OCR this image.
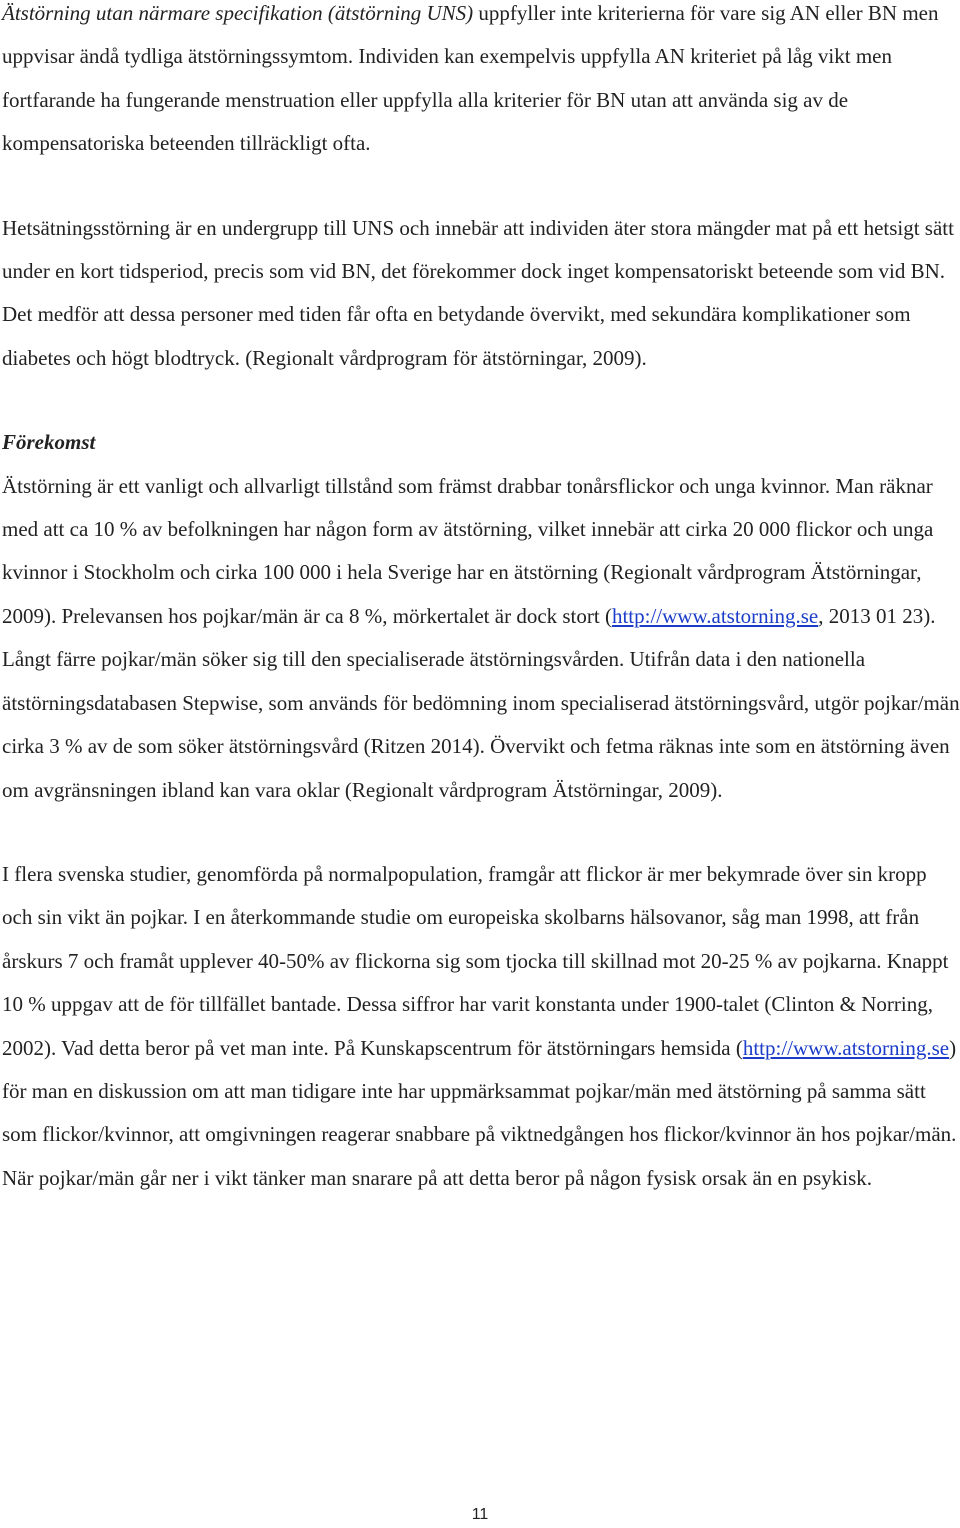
Ätstörning utan närmare specifikation (ätstörning UNS) uppfyller inte kriterierna för vare sig AN eller BN men uppvisar ändå tydliga ätstörningssymtom. Individen kan exempelvis uppfylla AN kriteriet på låg vikt men fortfarande ha fungerande menstruation eller uppfylla alla kriterier för BN utan att använda sig av de kompensatoriska beteenden tillräckligt ofta.

Hetsätningsstörning är en undergrupp till UNS och innebär att individen äter stora mängder mat på ett hetsigt sätt under en kort tidsperiod, precis som vid BN, det förekommer dock inget kompensatoriskt beteende som vid BN. Det medför att dessa personer med tiden får ofta en betydande övervikt, med sekundära komplikationer som diabetes och högt blodtryck. (Regionalt vårdprogram för ätstörningar, 2009).

Förekomst

Ätstörning är ett vanligt och allvarligt tillstånd som främst drabbar tonårsflickor och unga kvinnor. Man räknar med att ca 10 % av befolkningen har någon form av ätstörning, vilket innebär att cirka 20 000 flickor och unga kvinnor i Stockholm och cirka 100 000 i hela Sverige har en ätstörning (Regionalt vårdprogram Ätstörningar, 2009). Prelevansen hos pojkar/män är ca 8 %, mörkertalet är dock stort (http://www.atstorning.se, 2013 01 23). Långt färre pojkar/män söker sig till den specialiserade ätstörningsvården. Utifrån data i den nationella ätstörningsdatabasen Stepwise, som används för bedömning inom specialiserad ätstörningsvård, utgör pojkar/män cirka 3 % av de som söker ätstörningsvård (Ritzen 2014). Övervikt och fetma räknas inte som en ätstörning även om avgränsningen ibland kan vara oklar (Regionalt vårdprogram Ätstörningar, 2009).

I flera svenska studier, genomförda på normalpopulation, framgår att flickor är mer bekymrade över sin kropp och sin vikt än pojkar. I en återkommande studie om europeiska skolbarns hälsovanor, såg man 1998, att från årskurs 7 och framåt upplever 40-50% av flickorna sig som tjocka till skillnad mot 20-25 % av pojkarna. Knappt 10 % uppgav att de för tillfället bantade. Dessa siffror har varit konstanta under 1900-talet (Clinton & Norring, 2002). Vad detta beror på vet man inte. På Kunskapscentrum för ätstörningars hemsida (http://www.atstorning.se) för man en diskussion om att man tidigare inte har uppmärksammat pojkar/män med ätstörning på samma sätt som flickor/kvinnor, att omgivningen reagerar snabbare på viktnedgången hos flickor/kvinnor än hos pojkar/män. När pojkar/män går ner i vikt tänker man snarare på att detta beror på någon fysisk orsak än en psykisk.

11
